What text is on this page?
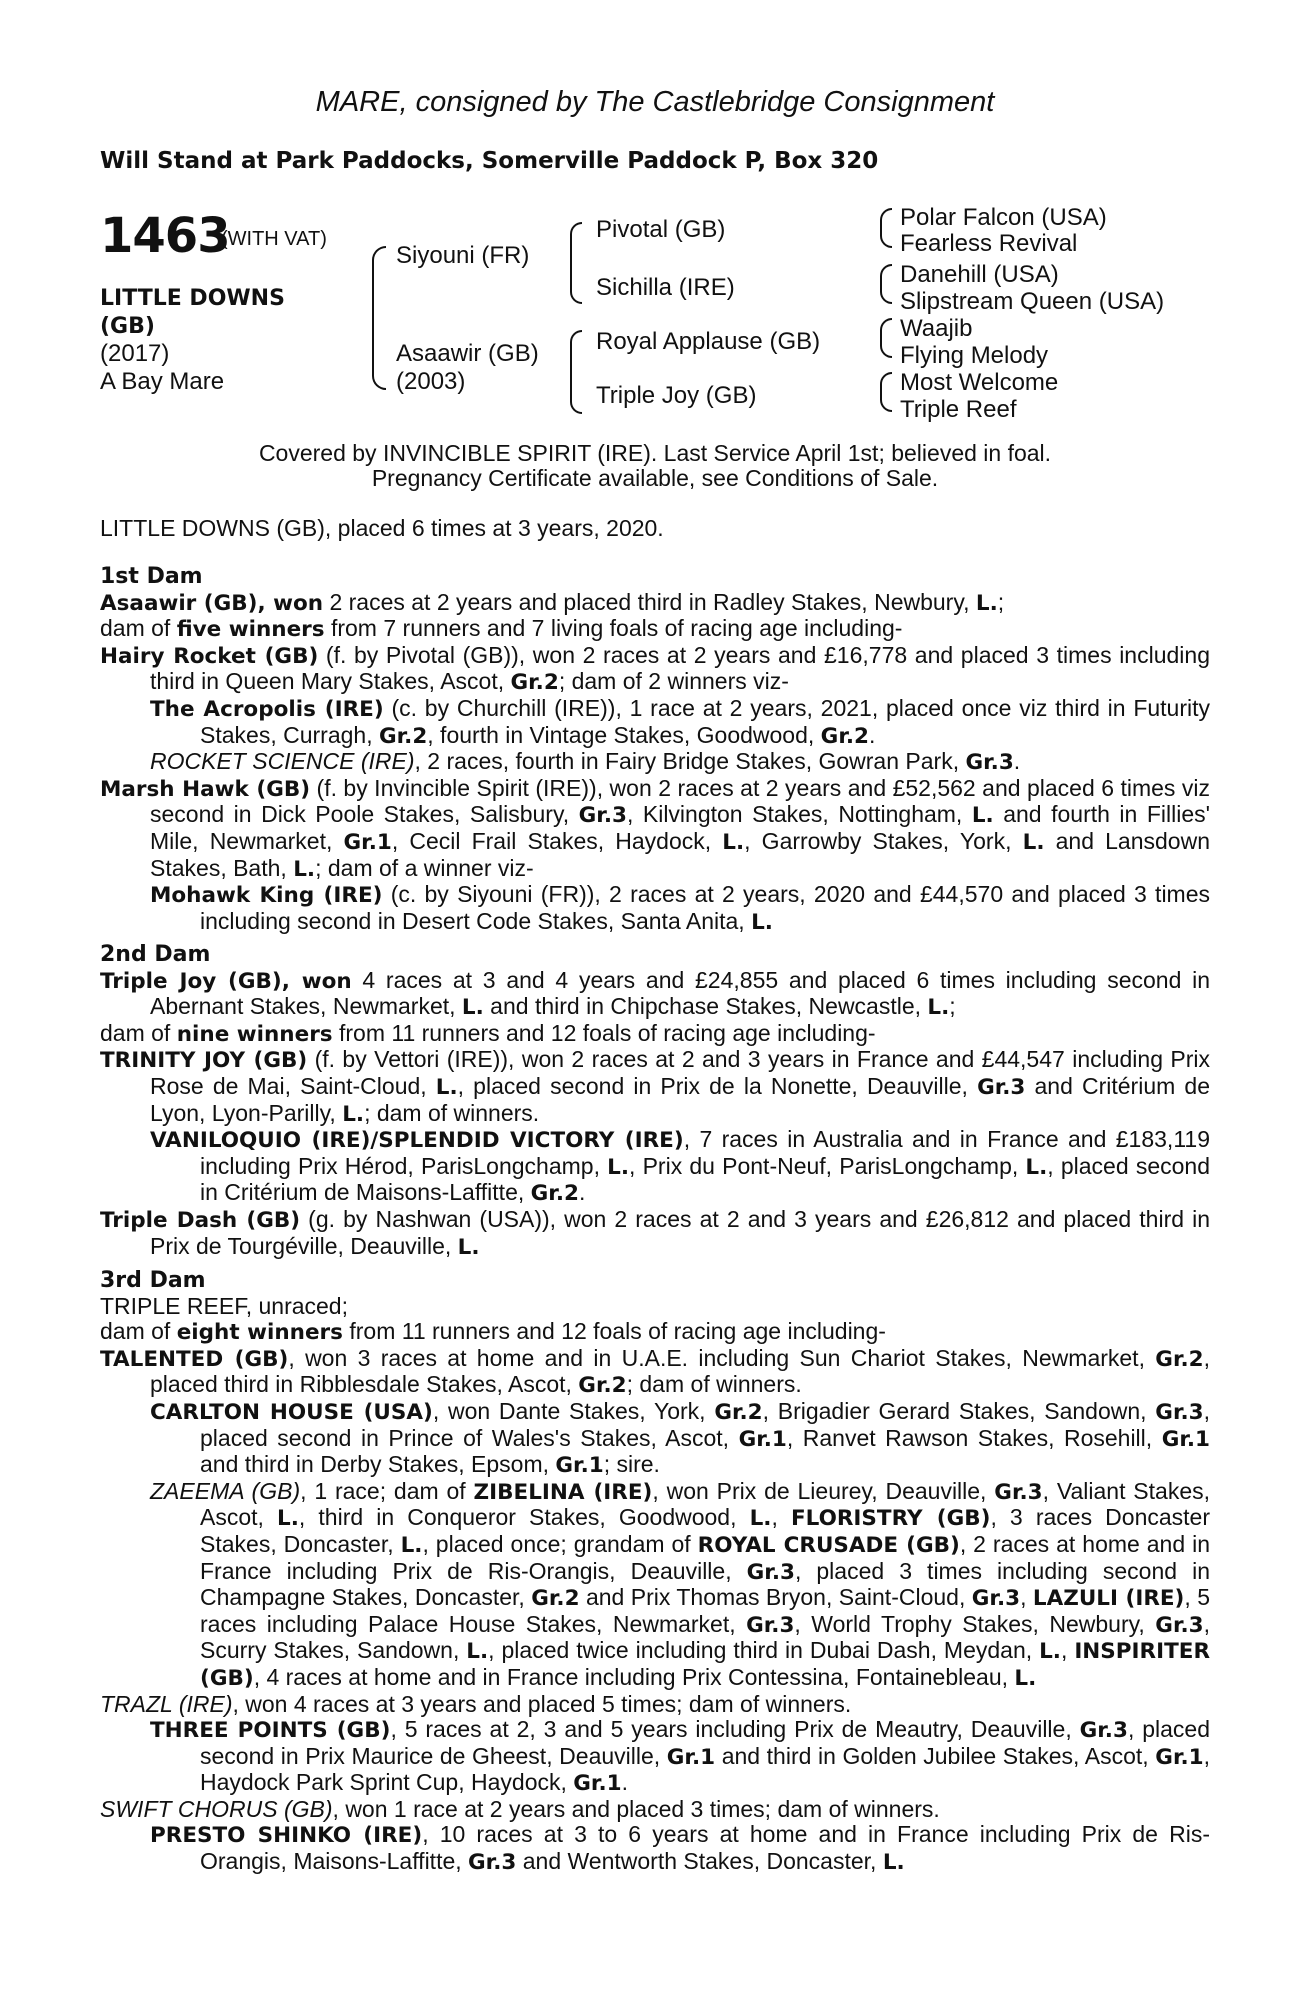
MARE, consigned by The Castlebridge Consignment
Will Stand at Park Paddocks, Somerville Paddock P, Box 320
1463
(WITH VAT)
LITTLE DOWNS
(GB)
(2017)
A Bay Mare
Siyouni (FR)
Asaawir (GB)
(2003)
Pivotal (GB)
Sichilla (IRE)
Royal Applause (GB)
Triple Joy (GB)
Polar Falcon (USA)
Fearless Revival
Danehill (USA)
Slipstream Queen (USA)
Waajib
Flying Melody
Most Welcome
Triple Reef
Covered by INVINCIBLE SPIRIT (IRE). Last Service April 1st; believed in foal.
Pregnancy Certificate available, see Conditions of Sale.
LITTLE DOWNS (GB), placed 6 times at 3 years, 2020.
1st Dam

Asaawir (GB), won 2 races at 2 years and placed third in Radley Stakes, Newbury, L.;

dam of five winners from 7 runners and 7 living foals of racing age including-

Hairy Rocket (GB) (f. by Pivotal (GB)), won 2 races at 2 years and £16,778 and placed 3 times including third in Queen Mary Stakes, Ascot, Gr.2; dam of 2 winners viz-

The Acropolis (IRE) (c. by Churchill (IRE)), 1 race at 2 years, 2021, placed once viz third in Futurity Stakes, Curragh, Gr.2, fourth in Vintage Stakes, Goodwood, Gr.2.

ROCKET SCIENCE (IRE), 2 races, fourth in Fairy Bridge Stakes, Gowran Park, Gr.3.

Marsh Hawk (GB) (f. by Invincible Spirit (IRE)), won 2 races at 2 years and £52,562 and placed 6 times viz second in Dick Poole Stakes, Salisbury, Gr.3, Kilvington Stakes, Nottingham, L. and fourth in Fillies' Mile, Newmarket, Gr.1, Cecil Frail Stakes, Haydock, L., Garrowby Stakes, York, L. and Lansdown Stakes, Bath, L.; dam of a winner viz-

Mohawk King (IRE) (c. by Siyouni (FR)), 2 races at 2 years, 2020 and £44,570 and placed 3 times including second in Desert Code Stakes, Santa Anita, L.

2nd Dam

Triple Joy (GB), won 4 races at 3 and 4 years and £24,855 and placed 6 times including second in Abernant Stakes, Newmarket, L. and third in Chipchase Stakes, Newcastle, L.;

dam of nine winners from 11 runners and 12 foals of racing age including-

TRINITY JOY (GB) (f. by Vettori (IRE)), won 2 races at 2 and 3 years in France and £44,547 including Prix Rose de Mai, Saint-Cloud, L., placed second in Prix de la Nonette, Deauville, Gr.3 and Critérium de Lyon, Lyon-Parilly, L.; dam of winners.

VANILOQUIO (IRE)/SPLENDID VICTORY (IRE), 7 races in Australia and in France and £183,119 including Prix Hérod, ParisLongchamp, L., Prix du Pont-Neuf, ParisLongchamp, L., placed second in Critérium de Maisons-Laffitte, Gr.2.

Triple Dash (GB) (g. by Nashwan (USA)), won 2 races at 2 and 3 years and £26,812 and placed third in Prix de Tourgéville, Deauville, L.

3rd Dam

TRIPLE REEF, unraced;

dam of eight winners from 11 runners and 12 foals of racing age including-

TALENTED (GB), won 3 races at home and in U.A.E. including Sun Chariot Stakes, Newmarket, Gr.2, placed third in Ribblesdale Stakes, Ascot, Gr.2; dam of winners.

CARLTON HOUSE (USA), won Dante Stakes, York, Gr.2, Brigadier Gerard Stakes, Sandown, Gr.3, placed second in Prince of Wales's Stakes, Ascot, Gr.1, Ranvet Rawson Stakes, Rosehill, Gr.1 and third in Derby Stakes, Epsom, Gr.1; sire.

ZAEEMA (GB), 1 race; dam of ZIBELINA (IRE), won Prix de Lieurey, Deauville, Gr.3, Valiant Stakes, Ascot, L., third in Conqueror Stakes, Goodwood, L., FLORISTRY (GB), 3 races Doncaster Stakes, Doncaster, L., placed once; grandam of ROYAL CRUSADE (GB), 2 races at home and in France including Prix de Ris-Orangis, Deauville, Gr.3, placed 3 times including second in Champagne Stakes, Doncaster, Gr.2 and Prix Thomas Bryon, Saint-Cloud, Gr.3, LAZULI (IRE), 5 races including Palace House Stakes, Newmarket, Gr.3, World Trophy Stakes, Newbury, Gr.3, Scurry Stakes, Sandown, L., placed twice including third in Dubai Dash, Meydan, L., INSPIRITER (GB), 4 races at home and in France including Prix Contessina, Fontainebleau, L.

TRAZL (IRE), won 4 races at 3 years and placed 5 times; dam of winners.

THREE POINTS (GB), 5 races at 2, 3 and 5 years including Prix de Meautry, Deauville, Gr.3, placed second in Prix Maurice de Gheest, Deauville, Gr.1 and third in Golden Jubilee Stakes, Ascot, Gr.1, Haydock Park Sprint Cup, Haydock, Gr.1.

SWIFT CHORUS (GB), won 1 race at 2 years and placed 3 times; dam of winners.

PRESTO SHINKO (IRE), 10 races at 3 to 6 years at home and in France including Prix de Ris-Orangis, Maisons-Laffitte, Gr.3 and Wentworth Stakes, Doncaster, L.
